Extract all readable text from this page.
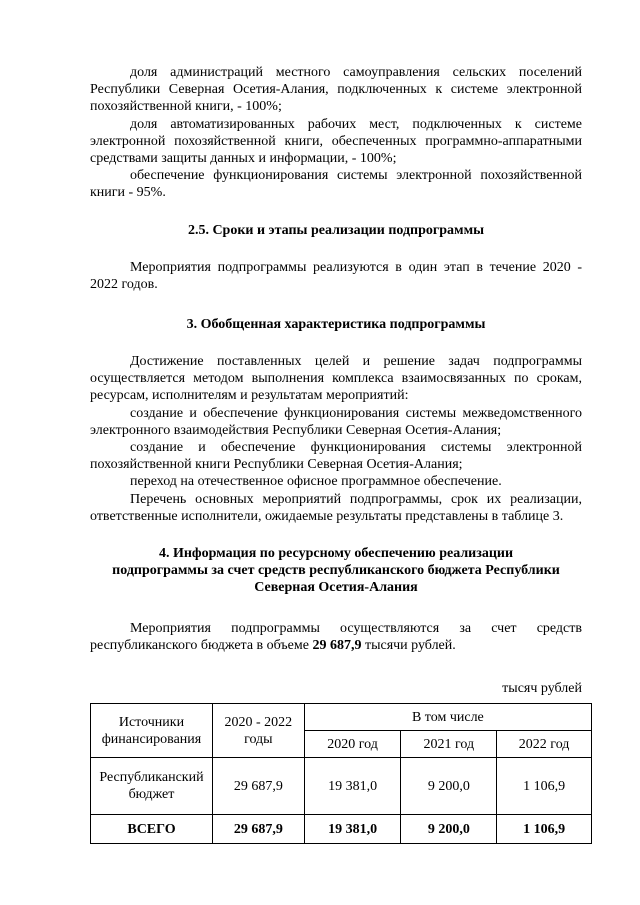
доля администраций местного самоуправления сельских поселений Республики Северная Осетия-Алания, подключенных к системе электронной похозяйственной книги, - 100%;

доля автоматизированных рабочих мест, подключенных к системе электронной похозяйственной книги, обеспеченных программно-аппаратными средствами защиты данных и информации, - 100%;

обеспечение функционирования системы электронной похозяйственной книги - 95%.

2.5. Сроки и этапы реализации подпрограммы

Мероприятия подпрограммы реализуются в один этап в течение 2020 - 2022 годов.

3. Обобщенная характеристика подпрограммы

Достижение поставленных целей и решение задач подпрограммы осуществляется методом выполнения комплекса взаимосвязанных по срокам, ресурсам, исполнителям и результатам мероприятий:

создание и обеспечение функционирования системы межведомственного электронного взаимодействия Республики Северная Осетия-Алания;

создание и обеспечение функционирования системы электронной похозяйственной книги Республики Северная Осетия-Алания;

переход на отечественное офисное программное обеспечение.

Перечень основных мероприятий подпрограммы, срок их реализации, ответственные исполнители, ожидаемые результаты представлены в таблице 3.

4. Информация по ресурсному обеспечению реализации
подпрограммы за счет средств республиканского бюджета Республики
Северная Осетия-Алания

Мероприятия подпрограммы осуществляются за счет средств республиканского бюджета в объеме 29 687,9 тысячи рублей.

тысяч рублей
Источники финансирования	2020 - 2022 годы	В том числе		
		2020 год	2021 год	2022 год
Республиканский бюджет	29 687,9	19 381,0	9 200,0	1 106,9
ВСЕГО	29 687,9	19 381,0	9 200,0	1 106,9
